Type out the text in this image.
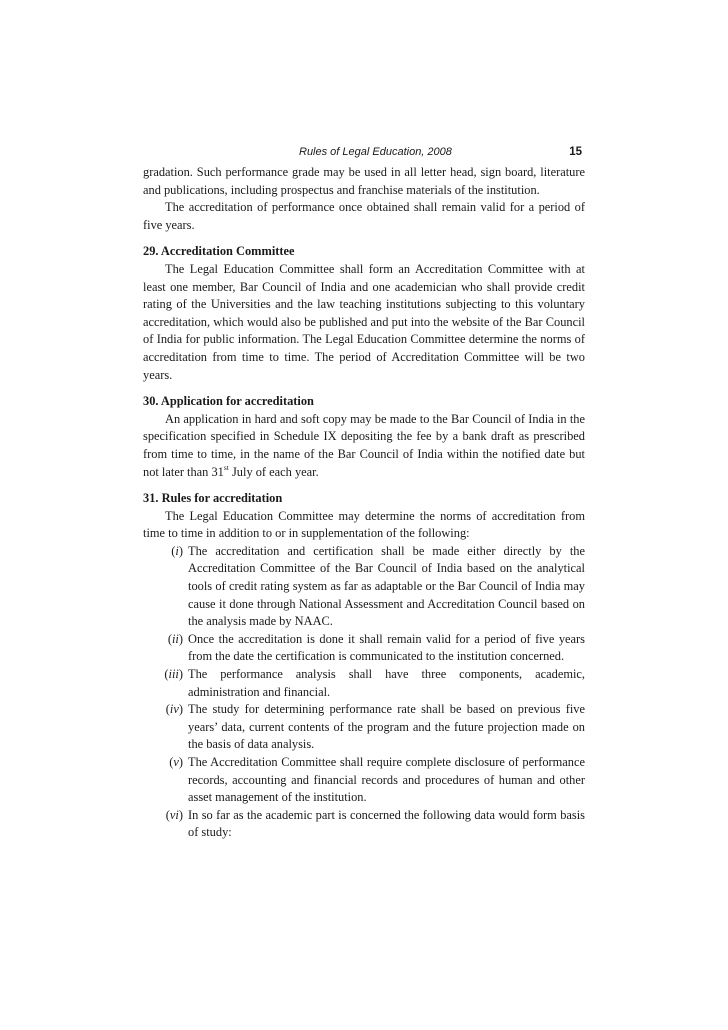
Rules of Legal Education, 2008	15

gradation. Such performance grade may be used in all letter head, sign board, literature and publications, including prospectus and franchise materials of the institution.

The accreditation of performance once obtained shall remain valid for a period of five years.

29. Accreditation Committee

The Legal Education Committee shall form an Accreditation Committee with at least one member, Bar Council of India and one academician who shall provide credit rating of the Universities and the law teaching institutions subjecting to this voluntary accreditation, which would also be published and put into the website of the Bar Council of India for public information. The Legal Education Committee determine the norms of accreditation from time to time. The period of Accreditation Committee will be two years.

30. Application for accreditation

An application in hard and soft copy may be made to the Bar Council of India in the specification specified in Schedule IX depositing the fee by a bank draft as prescribed from time to time, in the name of the Bar Council of India within the notified date but not later than 31st July of each year.

31. Rules for accreditation

The Legal Education Committee may determine the norms of accreditation from time to time in addition to or in supplementation of the following:

(i) The accreditation and certification shall be made either directly by the Accreditation Committee of the Bar Council of India based on the analytical tools of credit rating system as far as adaptable or the Bar Council of India may cause it done through National Assessment and Accreditation Council based on the analysis made by NAAC.
(ii) Once the accreditation is done it shall remain valid for a period of five years from the date the certification is communicated to the institution concerned.
(iii) The performance analysis shall have three components, academic, administration and financial.
(iv) The study for determining performance rate shall be based on previous five years’ data, current contents of the program and the future projection made on the basis of data analysis.
(v) The Accreditation Committee shall require complete disclosure of performance records, accounting and financial records and procedures of human and other asset management of the institution.
(vi) In so far as the academic part is concerned the following data would form basis of study:
